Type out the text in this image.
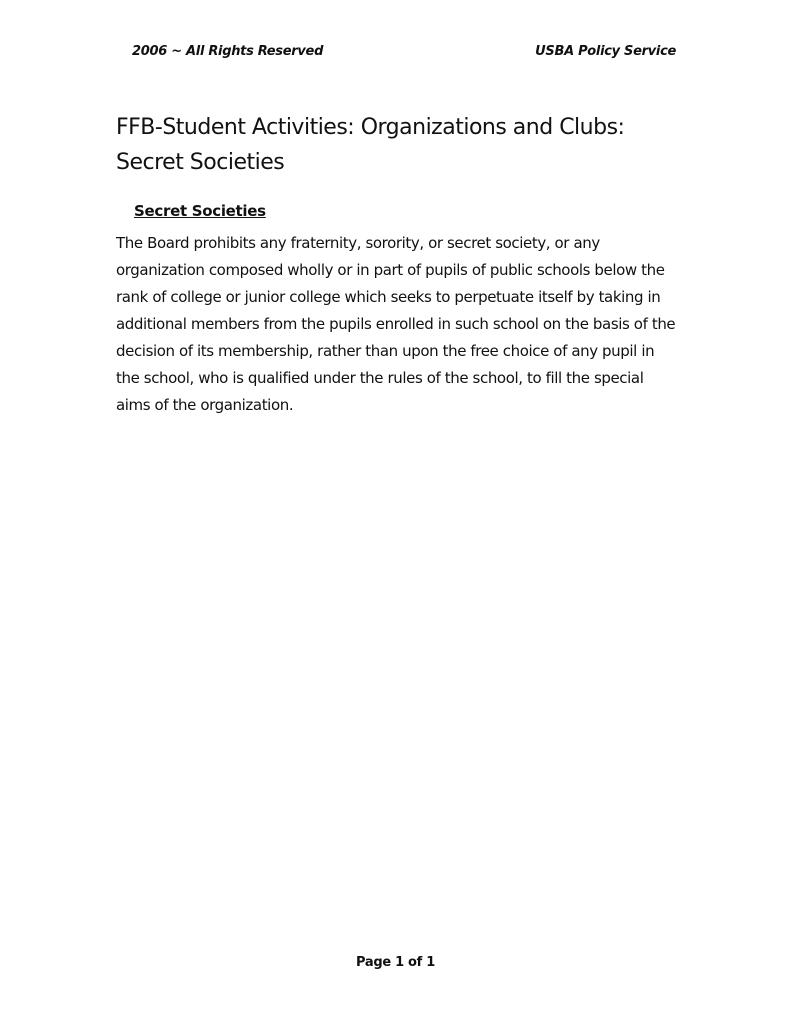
2006 ~ All Rights Reserved	USBA Policy Service
FFB-Student Activities: Organizations and Clubs: Secret Societies
Secret Societies

The Board prohibits any fraternity, sorority, or secret society, or any organization composed wholly or in part of pupils of public schools below the rank of college or junior college which seeks to perpetuate itself by taking in additional members from the pupils enrolled in such school on the basis of the decision of its membership, rather than upon the free choice of any pupil in the school, who is qualified under the rules of the school, to fill the special aims of the organization.

Page 1 of 1
